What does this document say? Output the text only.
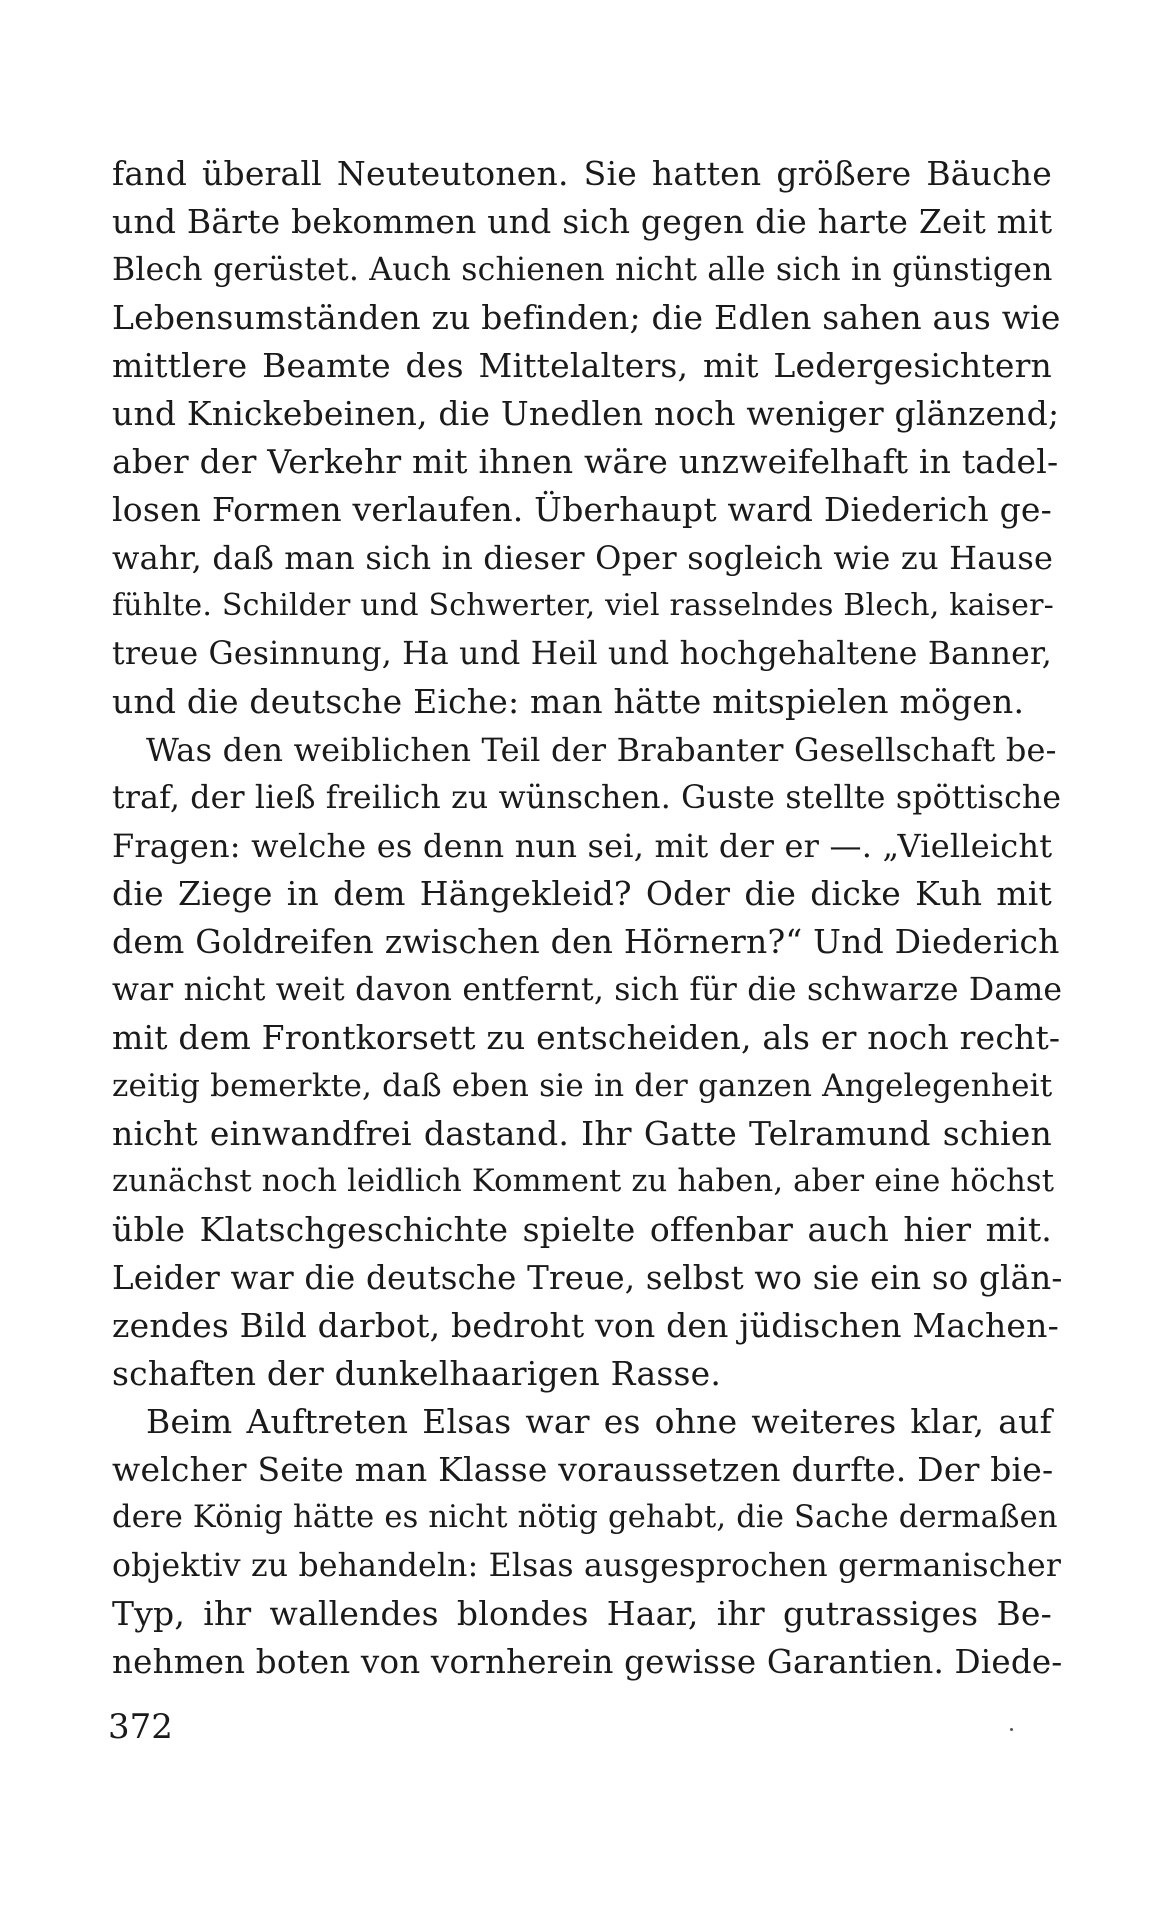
fand überall Neuteutonen. Sie hatten größere Bäuche
und Bärte bekommen und sich gegen die harte Zeit mit
Blech gerüstet. Auch schienen nicht alle sich in günstigen
Lebensumständen zu befinden; die Edlen sahen aus wie
mittlere Beamte des Mittelalters, mit Ledergesichtern
und Knickebeinen, die Unedlen noch weniger glänzend;
aber der Verkehr mit ihnen wäre unzweifelhaft in tadel-
losen Formen verlaufen. Überhaupt ward Diederich ge-
wahr, daß man sich in dieser Oper sogleich wie zu Hause
fühlte. Schilder und Schwerter, viel rasselndes Blech, kaiser-
treue Gesinnung, Ha und Heil und hochgehaltene Banner,
und die deutsche Eiche: man hätte mitspielen mögen.
Was den weiblichen Teil der Brabanter Gesellschaft be-
traf, der ließ freilich zu wünschen. Guste stellte spöttische
Fragen: welche es denn nun sei, mit der er —. „Vielleicht
die Ziege in dem Hängekleid? Oder die dicke Kuh mit
dem Goldreifen zwischen den Hörnern?“ Und Diederich
war nicht weit davon entfernt, sich für die schwarze Dame
mit dem Frontkorsett zu entscheiden, als er noch recht-
zeitig bemerkte, daß eben sie in der ganzen Angelegenheit
nicht einwandfrei dastand. Ihr Gatte Telramund schien
zunächst noch leidlich Komment zu haben, aber eine höchst
üble Klatschgeschichte spielte offenbar auch hier mit.
Leider war die deutsche Treue, selbst wo sie ein so glän-
zendes Bild darbot, bedroht von den jüdischen Machen-
schaften der dunkelhaarigen Rasse.
Beim Auftreten Elsas war es ohne weiteres klar, auf
welcher Seite man Klasse voraussetzen durfte. Der bie-
dere König hätte es nicht nötig gehabt, die Sache dermaßen
objektiv zu behandeln: Elsas ausgesprochen germanischer
Typ, ihr wallendes blondes Haar, ihr gutrassiges Be-
nehmen boten von vornherein gewisse Garantien. Diede-
372
